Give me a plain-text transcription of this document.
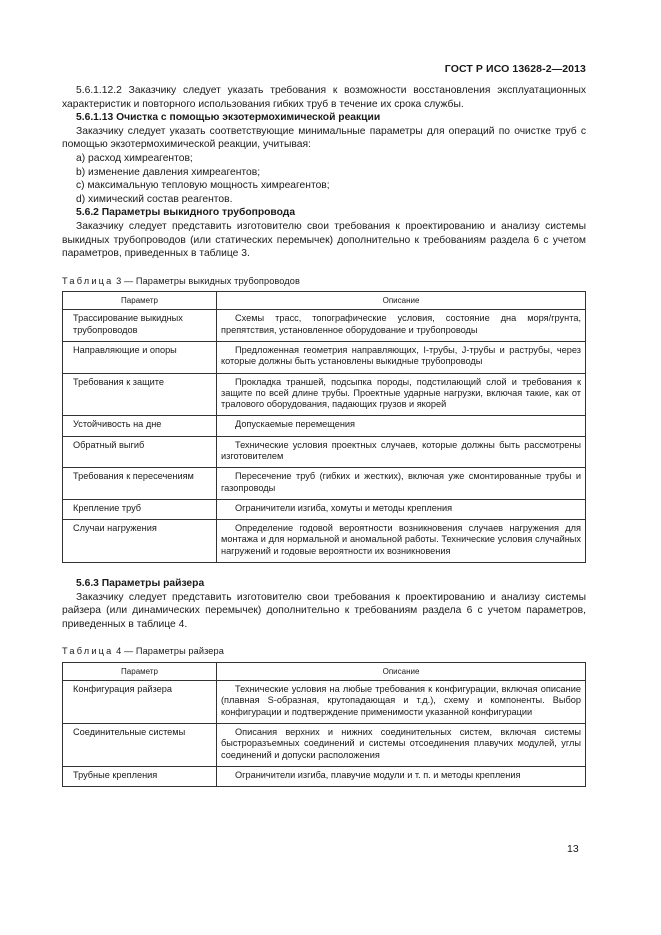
ГОСТ Р ИСО 13628-2—2013

5.6.1.12.2 Заказчику следует указать требования к возможности восстановления эксплуатационных характеристик и повторного использования гибких труб в течение их срока службы.

5.6.1.13 Очистка с помощью экзотермохимической реакции

Заказчику следует указать соответствующие минимальные параметры для операций по очистке труб с помощью экзотермохимической реакции, учитывая:

a) расход химреагентов;

b) изменение давления химреагентов;

c) максимальную тепловую мощность химреагентов;

d) химический состав реагентов.

5.6.2 Параметры выкидного трубопровода

Заказчику следует представить изготовителю свои требования к проектированию и анализу системы выкидных трубопроводов (или статических перемычек) дополнительно к требованиям раздела 6 с учетом параметров, приведенных в таблице 3.

Таблица 3 — Параметры выкидных трубопроводов

Параметр	Описание
Трассирование выкидных трубопроводов	Схемы трасс, топографические условия, состояние дна моря/грунта, препятствия, установленное оборудование и трубопроводы

Направляющие и опоры	Предложенная геометрия направляющих, I-трубы, J-трубы и раструбы, через которые должны быть установлены выкидные трубопроводы

Требования к защите	Прокладка траншей, подсыпка породы, подстилающий слой и требования к защите по всей длине трубы. Проектные ударные нагрузки, включая такие, как от тралового оборудования, падающих грузов и якорей

Устойчивость на дне	Допускаемые перемещения

Обратный выгиб	Технические условия проектных случаев, которые должны быть рассмотрены изготовителем

Требования к пересечениям	Пересечение труб (гибких и жестких), включая уже смонтированные трубы и газопроводы

Крепление труб	Ограничители изгиба, хомуты и методы крепления

Случаи нагружения	Определение годовой вероятности возникновения случаев нагружения для монтажа и для нормальной и аномальной работы. Технические условия случайных нагружений и годовые вероятности их возникновения

5.6.3 Параметры райзера

Заказчику следует представить изготовителю свои требования к проектированию и анализу системы райзера (или динамических перемычек) дополнительно к требованиям раздела 6 с учетом параметров, приведенных в таблице 4.

Таблица 4 — Параметры райзера

Параметр	Описание
Конфигурация райзера	Технические условия на любые требования к конфигурации, включая описание (плавная S-образная, крутопадающая и т.д.), схему и компоненты. Выбор конфигурации и подтверждение применимости указанной конфигурации

Соединительные системы	Описания верхних и нижних соединительных систем, включая системы быстроразъемных соединений и системы отсоединения плавучих модулей, углы соединений и допуски расположения

Трубные крепления	Ограничители изгиба, плавучие модули и т. п. и методы крепления
13
